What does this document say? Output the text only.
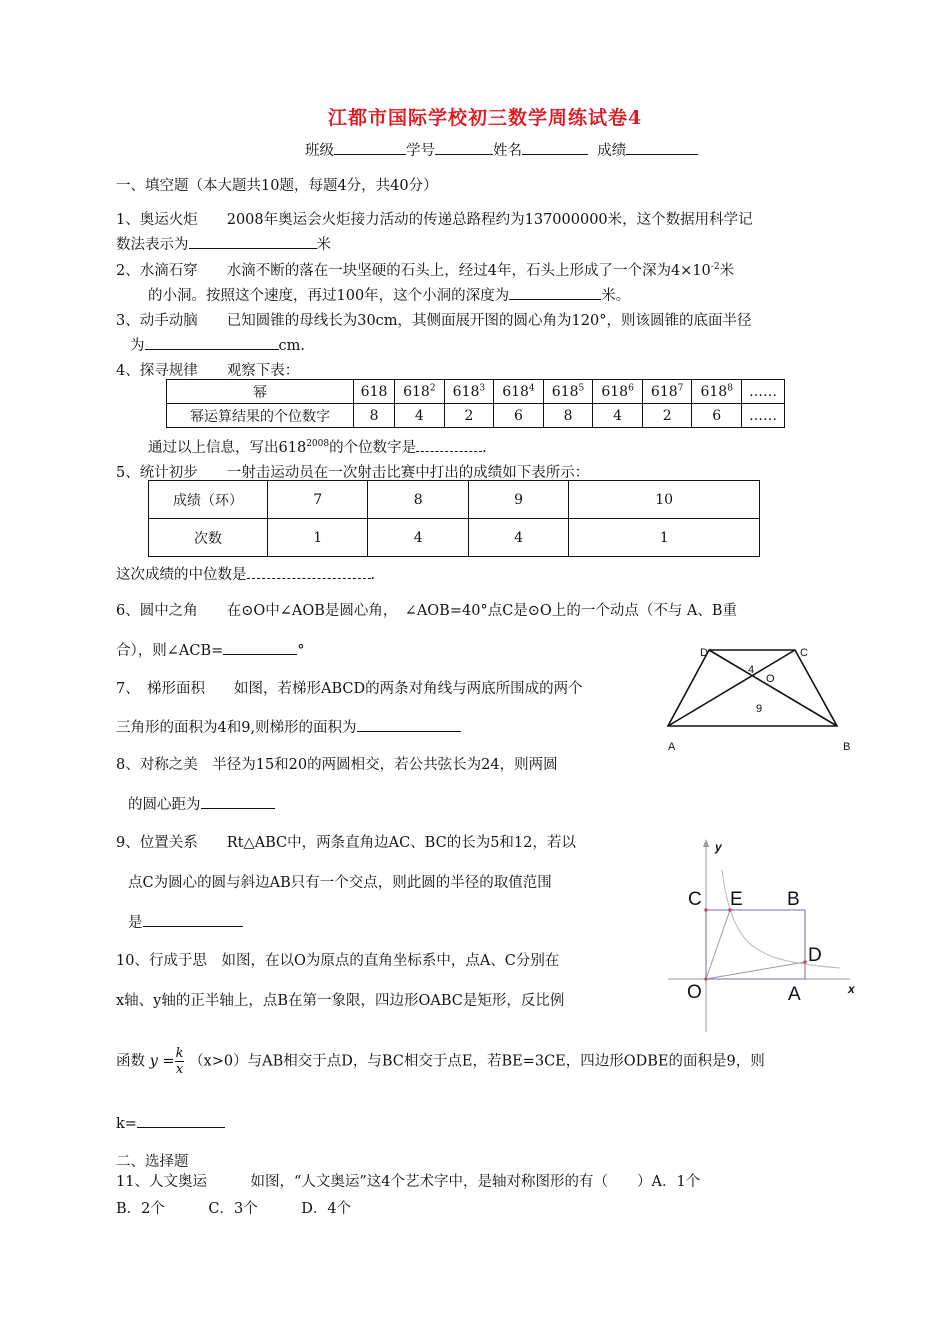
江都市国际学校初三数学周练试卷4
班级	学号	姓名	成绩
一、填空题（本大题共10题，每题4分，共40分）
1、奥运火炬　　2008年奥运会火炬接力活动的传递总路程约为137000000米，这个数据用科学记
数法表示为	米
2、水滴石穿　　水滴不断的落在一块坚硬的石头上，经过4年，石头上形成了一个深为$4\times 10^{-2}$米
的小洞。按照这个速度，再过100年，这个小洞的深度为	米。
3、动手动脑　　已知圆锥的母线长为30cm，其侧面展开图的圆心角为120°，则该圆锥的底面半径
为	cm.
4、探寻规律　　观察下表：
幂	618	$618^2$	$618^3$	$618^4$	$618^5$	$618^6$	$618^7$	$618^8$	……
幂运算结果的个位数字	8	4	2	6	8	4	2	6	……
通过以上信息，写出$618^{2008}$的个位数字是	.
5、统计初步　　一射击运动员在一次射击比赛中打出的成绩如下表所示：
成绩（环）	7	8	9	10
次数	1	4	4	1
这次成绩的中位数是	.
6、圆中之角　　在⊙O中∠AOB是圆心角，　∠AOB=40°点C是⊙O上的一个动点（不与 A、B重
合），则∠ACB=	°
7、　梯形面积　　如图，若梯形ABCD的两条对角线与两底所围成的两个
三角形的面积为4和9,则梯形的面积为
D	C
4
O
9
A	B
8、对称之美　半径为15和20的两圆相交，若公共弦长为24，则两圆
的圆心距为
9、位置关系　　Rt△ABC中，两条直角边AC、BC的长为5和12，若以
点C为圆心的圆与斜边AB只有一个交点，则此圆的半径的取值范围
是
y
x
C E B
D
O	A
10、行成于思　如图，在以O为原点的直角坐标系中，点A、C分别在
x轴、y轴的正半轴上，点B在第一象限，四边形OABC是矩形，反比例
函数 $y = \frac{k}{x} (x>0)$与AB相交于点D，与BC相交于点E，若BE=3CE，四边形ODBE的面积是9，则
k=
二、选择题
11、人文奥运　　　如图，“人文奥运”这4个艺术字中，是轴对称图形的有（　　）A．1个
B．2个　　　C．3个　　　D．4个
